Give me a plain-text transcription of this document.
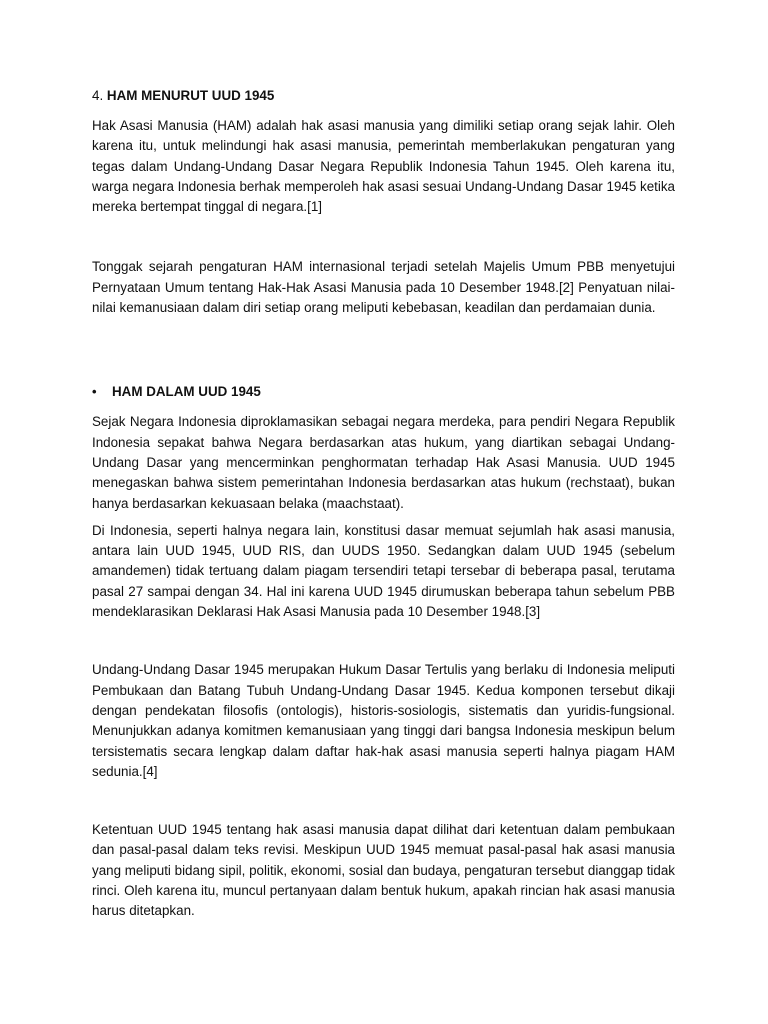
4. HAM MENURUT UUD 1945

Hak Asasi Manusia (HAM) adalah hak asasi manusia yang dimiliki setiap orang sejak lahir. Oleh karena itu, untuk melindungi hak asasi manusia, pemerintah memberlakukan pengaturan yang tegas dalam Undang-Undang Dasar Negara Republik Indonesia Tahun 1945. Oleh karena itu, warga negara Indonesia berhak memperoleh hak asasi sesuai Undang-Undang Dasar 1945 ketika mereka bertempat tinggal di negara.[1]

Tonggak sejarah pengaturan HAM internasional terjadi setelah Majelis Umum PBB menyetujui Pernyataan Umum tentang Hak-Hak Asasi Manusia pada 10 Desember 1948.[2] Penyatuan nilai-nilai kemanusiaan dalam diri setiap orang meliputi kebebasan, keadilan dan perdamaian dunia.

•	HAM DALAM UUD 1945

Sejak Negara Indonesia diproklamasikan sebagai negara merdeka, para pendiri Negara Republik Indonesia sepakat bahwa Negara berdasarkan atas hukum, yang diartikan sebagai Undang-Undang Dasar yang mencerminkan penghormatan terhadap Hak Asasi Manusia. UUD 1945 menegaskan bahwa sistem pemerintahan Indonesia berdasarkan atas hukum (rechstaat), bukan hanya berdasarkan kekuasaan belaka (maachstaat).

Di Indonesia, seperti halnya negara lain, konstitusi dasar memuat sejumlah hak asasi manusia, antara lain UUD 1945, UUD RIS, dan UUDS 1950. Sedangkan dalam UUD 1945 (sebelum amandemen) tidak tertuang dalam piagam tersendiri tetapi tersebar di beberapa pasal, terutama pasal 27 sampai dengan 34. Hal ini karena UUD 1945 dirumuskan beberapa tahun sebelum PBB mendeklarasikan Deklarasi Hak Asasi Manusia pada 10 Desember 1948.[3]

Undang-Undang Dasar 1945 merupakan Hukum Dasar Tertulis yang berlaku di Indonesia meliputi Pembukaan dan Batang Tubuh Undang-Undang Dasar 1945. Kedua komponen tersebut dikaji dengan pendekatan filosofis (ontologis), historis-sosiologis, sistematis dan yuridis-fungsional. Menunjukkan adanya komitmen kemanusiaan yang tinggi dari bangsa Indonesia meskipun belum tersistematis secara lengkap dalam daftar hak-hak asasi manusia seperti halnya piagam HAM sedunia.[4]

Ketentuan UUD 1945 tentang hak asasi manusia dapat dilihat dari ketentuan dalam pembukaan dan pasal-pasal dalam teks revisi. Meskipun UUD 1945 memuat pasal-pasal hak asasi manusia yang meliputi bidang sipil, politik, ekonomi, sosial dan budaya, pengaturan tersebut dianggap tidak rinci. Oleh karena itu, muncul pertanyaan dalam bentuk hukum, apakah rincian hak asasi manusia harus ditetapkan.
